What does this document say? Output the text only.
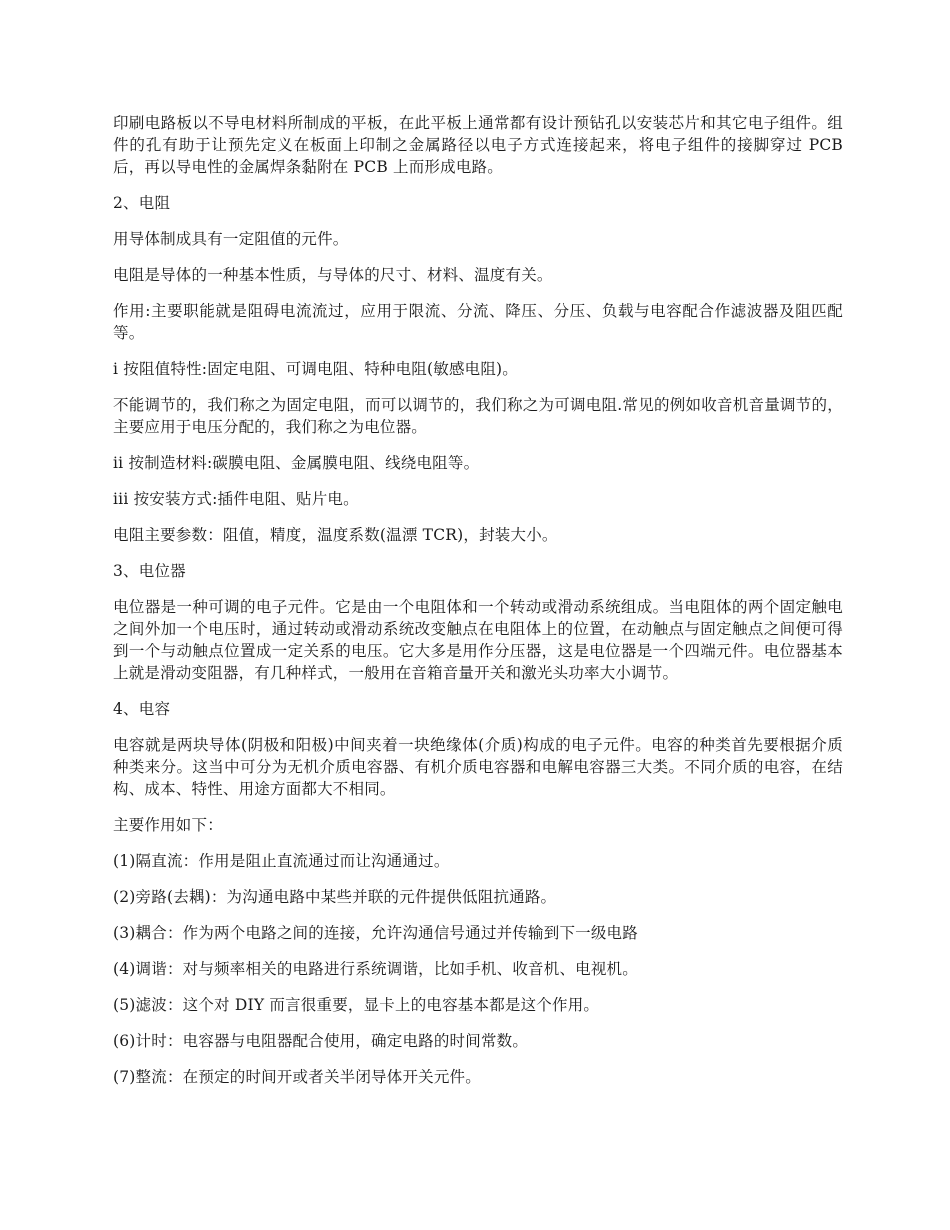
印刷电路板以不导电材料所制成的平板，在此平板上通常都有设计预钻孔以安装芯片和其它电子组件。组件的孔有助于让预先定义在板面上印制之金属路径以电子方式连接起来，将电子组件的接脚穿过 PCB 后，再以导电性的金属焊条黏附在 PCB 上而形成电路。

2、电阻

用导体制成具有一定阻值的元件。

电阻是导体的一种基本性质，与导体的尺寸、材料、温度有关。

作用:主要职能就是阻碍电流流过，应用于限流、分流、降压、分压、负载与电容配合作滤波器及阻匹配等。

i 按阻值特性:固定电阻、可调电阻、特种电阻(敏感电阻)。

不能调节的，我们称之为固定电阻，而可以调节的，我们称之为可调电阻.常见的例如收音机音量调节的，主要应用于电压分配的，我们称之为电位器。

ii 按制造材料:碳膜电阻、金属膜电阻、线绕电阻等。

iii 按安装方式:插件电阻、贴片电。

电阻主要参数：阻值，精度，温度系数(温漂 TCR)，封装大小。

3、电位器

电位器是一种可调的电子元件。它是由一个电阻体和一个转动或滑动系统组成。当电阻体的两个固定触电之间外加一个电压时，通过转动或滑动系统改变触点在电阻体上的位置，在动触点与固定触点之间便可得到一个与动触点位置成一定关系的电压。它大多是用作分压器，这是电位器是一个四端元件。电位器基本上就是滑动变阻器，有几种样式，一般用在音箱音量开关和激光头功率大小调节。

4、电容

电容就是两块导体(阴极和阳极)中间夹着一块绝缘体(介质)构成的电子元件。电容的种类首先要根据介质种类来分。这当中可分为无机介质电容器、有机介质电容器和电解电容器三大类。不同介质的电容，在结构、成本、特性、用途方面都大不相同。

主要作用如下：

(1)隔直流：作用是阻止直流通过而让沟通通过。

(2)旁路(去耦)：为沟通电路中某些并联的元件提供低阻抗通路。

(3)耦合：作为两个电路之间的连接，允许沟通信号通过并传输到下一级电路

(4)调谐：对与频率相关的电路进行系统调谐，比如手机、收音机、电视机。

(5)滤波：这个对 DIY 而言很重要，显卡上的电容基本都是这个作用。

(6)计时：电容器与电阻器配合使用，确定电路的时间常数。

(7)整流：在预定的时间开或者关半闭导体开关元件。
